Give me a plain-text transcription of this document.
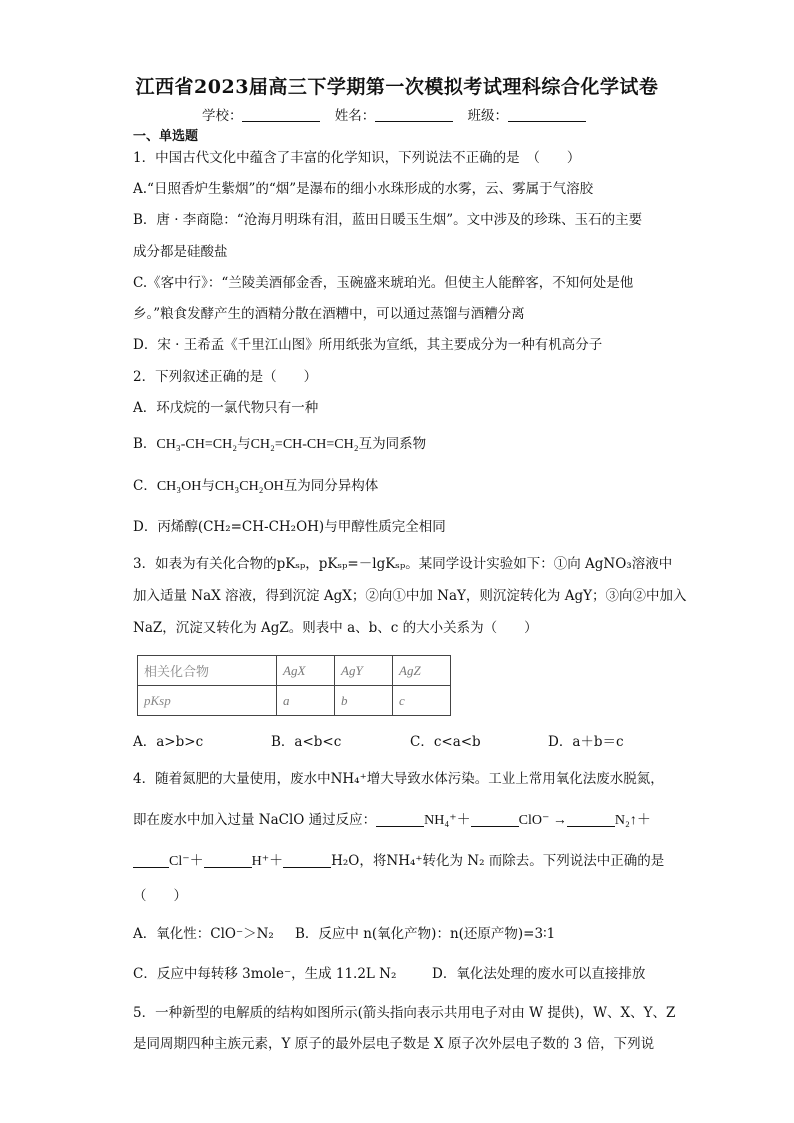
江西省2023届高三下学期第一次模拟考试理科综合化学试卷
学校：	姓名：	班级：
一、单选题
1．中国古代文化中蕴含了丰富的化学知识，下列说法不正确的是　（　　）
A.“日照香炉生紫烟”的“烟”是瀑布的细小水珠形成的水雾，云、雾属于气溶胶
B．唐 · 李商隐：“沧海月明珠有泪，蓝田日暖玉生烟”。文中涉及的珍珠、玉石的主要
成分都是硅酸盐
C.《客中行》：“兰陵美酒郁金香，玉碗盛来琥珀光。但使主人能醉客，不知何处是他
乡。”粮食发酵产生的酒精分散在酒糟中，可以通过蒸馏与酒糟分离
D．宋 · 王希孟《千里江山图》所用纸张为宣纸，其主要成分为一种有机高分子
2．下列叙述正确的是（　　）
A．环戊烷的一氯代物只有一种
B．CH₃-CH=CH₂与CH₂=CH-CH=CH₂互为同系物
C．CH₃OH与CH₃CH₂OH互为同分异构体
D．丙烯醇(CH₂=CH-CH₂OH)与甲醇性质完全相同
3．如表为有关化合物的pKₛₚ，pKₛₚ=－lgKₛₚ。某同学设计实验如下：①向 AgNO₃溶液中
加入适量 NaX 溶液，得到沉淀 AgX；②向①中加 NaY，则沉淀转化为 AgY；③向②中加入
NaZ，沉淀又转化为 AgZ。则表中 a、b、c 的大小关系为（　　）
相关化合物	AgX	AgY	AgZ
pKsp	a	b	c
A．a>b>c	B．a<b<c	C．c<a<b	D．a＋b＝c
4．随着氮肥的大量使用，废水中NH₄⁺增大导致水体污染。工业上常用氧化法废水脱氮，
即在废水中加入过量 NaClO 通过反应：	NH₄⁺＋	ClO⁻ →	N₂↑＋
Cl⁻＋	H⁺＋	H₂O，将NH₄⁺转化为 N₂ 而除去。下列说法中正确的是
（　　）
A．氧化性：ClO⁻＞N₂ B．反应中 n(氧化产物)：n(还原产物)=3∶1
C．反应中每转移 3mole⁻，生成 11.2L N₂	D．氧化法处理的废水可以直接排放
5．一种新型的电解质的结构如图所示(箭头指向表示共用电子对由 W 提供)，W、X、Y、Z
是同周期四种主族元素，Y 原子的最外层电子数是 X 原子次外层电子数的 3 倍，下列说
